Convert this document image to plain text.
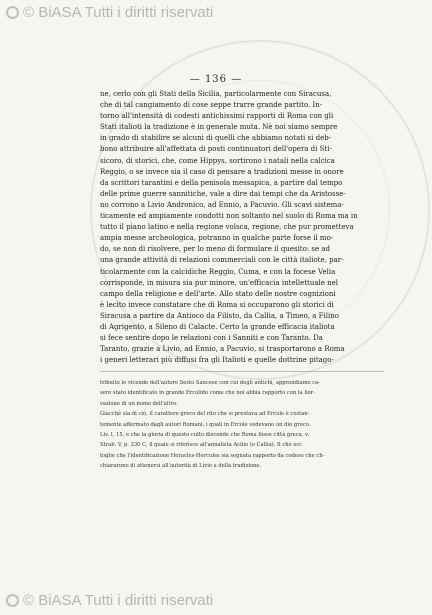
© BiASA Tutti i diritti riservati
— 136 —
ne, cerlo con gli Stati della Sicilia, particolarmente con Siracusa,
che di tal cangiamento di cose seppe trarre grande partito. In-
torno all'intensità di codesti antichissimi rapporti di Roma con gli
Stati italioti la tradizione è in generale muta. Nè noi siamo sempre
in grado di stabilire se alcuni di quelli che abbiamo notati si deb-
bono attribuire all'affettata di posti continuatori dell'opera di Sti-
sicoro, di storici, che, come Hippys, sortirono i natali nella calcica
Reggio, o se invece sia il caso di pensare a tradizioni messe in onore
da scrittori tarantini e della penisola messapica, a partire dal tempo
delle prime guerre sannitiche, vale a dire dai tempi che da Aristosse-
no corrono a Livio Andronico, ad Ennio, a Pacuvio. Gli scavi sistema-
ticamente ed ampiamente condotti non soltanto nel suolo di Roma ma in
tutto il piano latino e nella regione volsca, regione, che pur prometteva
ampia messe archeologica, potranno in qualche parte forse il mo-
do, se non di risolvere, per lo meno di formulare il quesito: se ad
una grande attività di relazioni commerciali con le città italiote, par-
ticolarmente con la calcidiche Reggio, Cuma, e con la focese Velia
corrisponde, in misura sia pur minore, un'efficacia intellettuale nel
campo della religione e dell'arte. Allo stato delle nostre cognizioni
è lecito invece constatare che di Roma si occuparono gli storici di
Siracusa a partire da Antioco da Filisto, da Callia, a Timeo, a Filino
di Agrigento, a Sileno di Calacte. Certo la grande efficacia italiota
si fece sentire dopo le relazioni con i Sanniti e con Taranto. Da
Taranto, grazie a Livio, ad Ennio, a Pacuvio, si trasportarono a Roma
i generi letterari più diffusi fra gli Italioti e quelle dottrine pitago-
tribuito lo vicende dell'autore Sesto Sancese con cui degli antichi, apprendiamo ca-
sere stato identificato in grande Ercolido come che noi abbia rapporto con la lior-
vazione di un nome dell'altro.
Giacchè sia di ciò, il carattere greco del rito che si prestava ad Ercole è costan-
temente affermato dagli autori Romani, i quali in Ercole vedevano un dio greco.
Liv. I, 15, e che la gloria di questo culto discende che Roma fosse città greca, v.
Strab. V, p. 230 C, il quale si riferisce all'annalista Acilio (o Callia). Il che ecc
toglie che l'identificazione Heracles-Hercules sia segnata rapporto da codeso che ch-
chiararono di attenersi all'autorità di Livio a della tradizione.
© BiASA Tutti i diritti riservati
